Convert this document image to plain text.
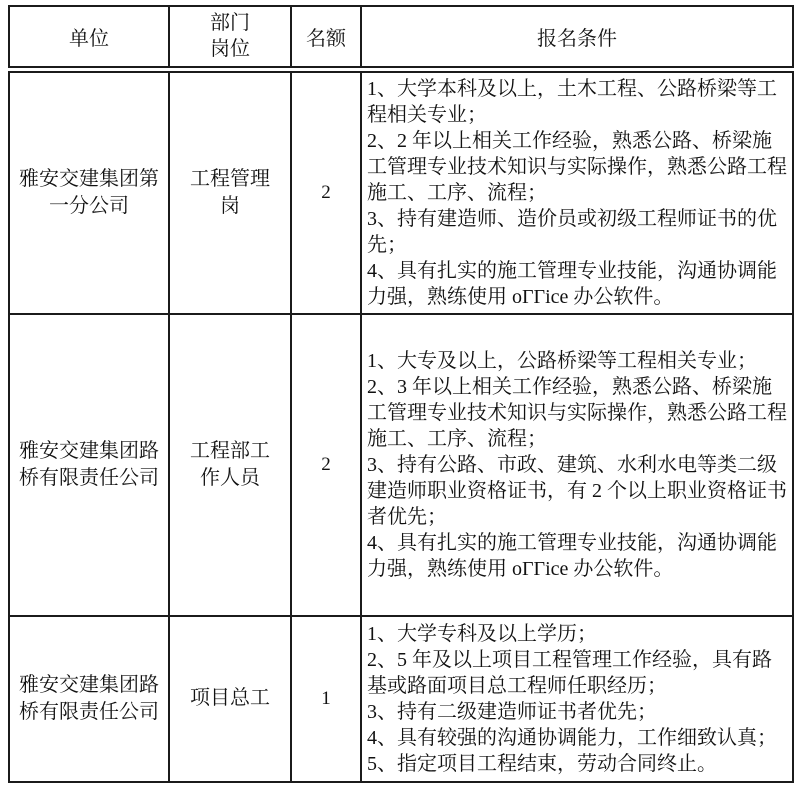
单位	部门岗位	名额	报名条件
雅安交建集团第一分公司	工程管理岗	2	1、大学本科及以上，土木工程、公路桥梁等工程相关专业；
2、2 年以上相关工作经验，熟悉公路、桥梁施工管理专业技术知识与实际操作，熟悉公路工程施工、工序、流程；
3、持有建造师、造价员或初级工程师证书的优先；
4、具有扎实的施工管理专业技能，沟通协调能力强，熟练使用 oΓΓice 办公软件。

雅安交建集团路桥有限责任公司	工程部工作人员	2	1、大专及以上，公路桥梁等工程相关专业；
2、3 年以上相关工作经验，熟悉公路、桥梁施工管理专业技术知识与实际操作，熟悉公路工程施工、工序、流程；
3、持有公路、市政、建筑、水利水电等类二级建造师职业资格证书，有 2 个以上职业资格证书者优先；
4、具有扎实的施工管理专业技能，沟通协调能力强，熟练使用 oΓΓice 办公软件。

雅安交建集团路桥有限责任公司	项目总工	1	1、大学专科及以上学历；
2、5 年及以上项目工程管理工作经验，具有路基或路面项目总工程师任职经历；
3、持有二级建造师证书者优先；
4、具有较强的沟通协调能力，工作细致认真；
5、指定项目工程结束，劳动合同终止。
